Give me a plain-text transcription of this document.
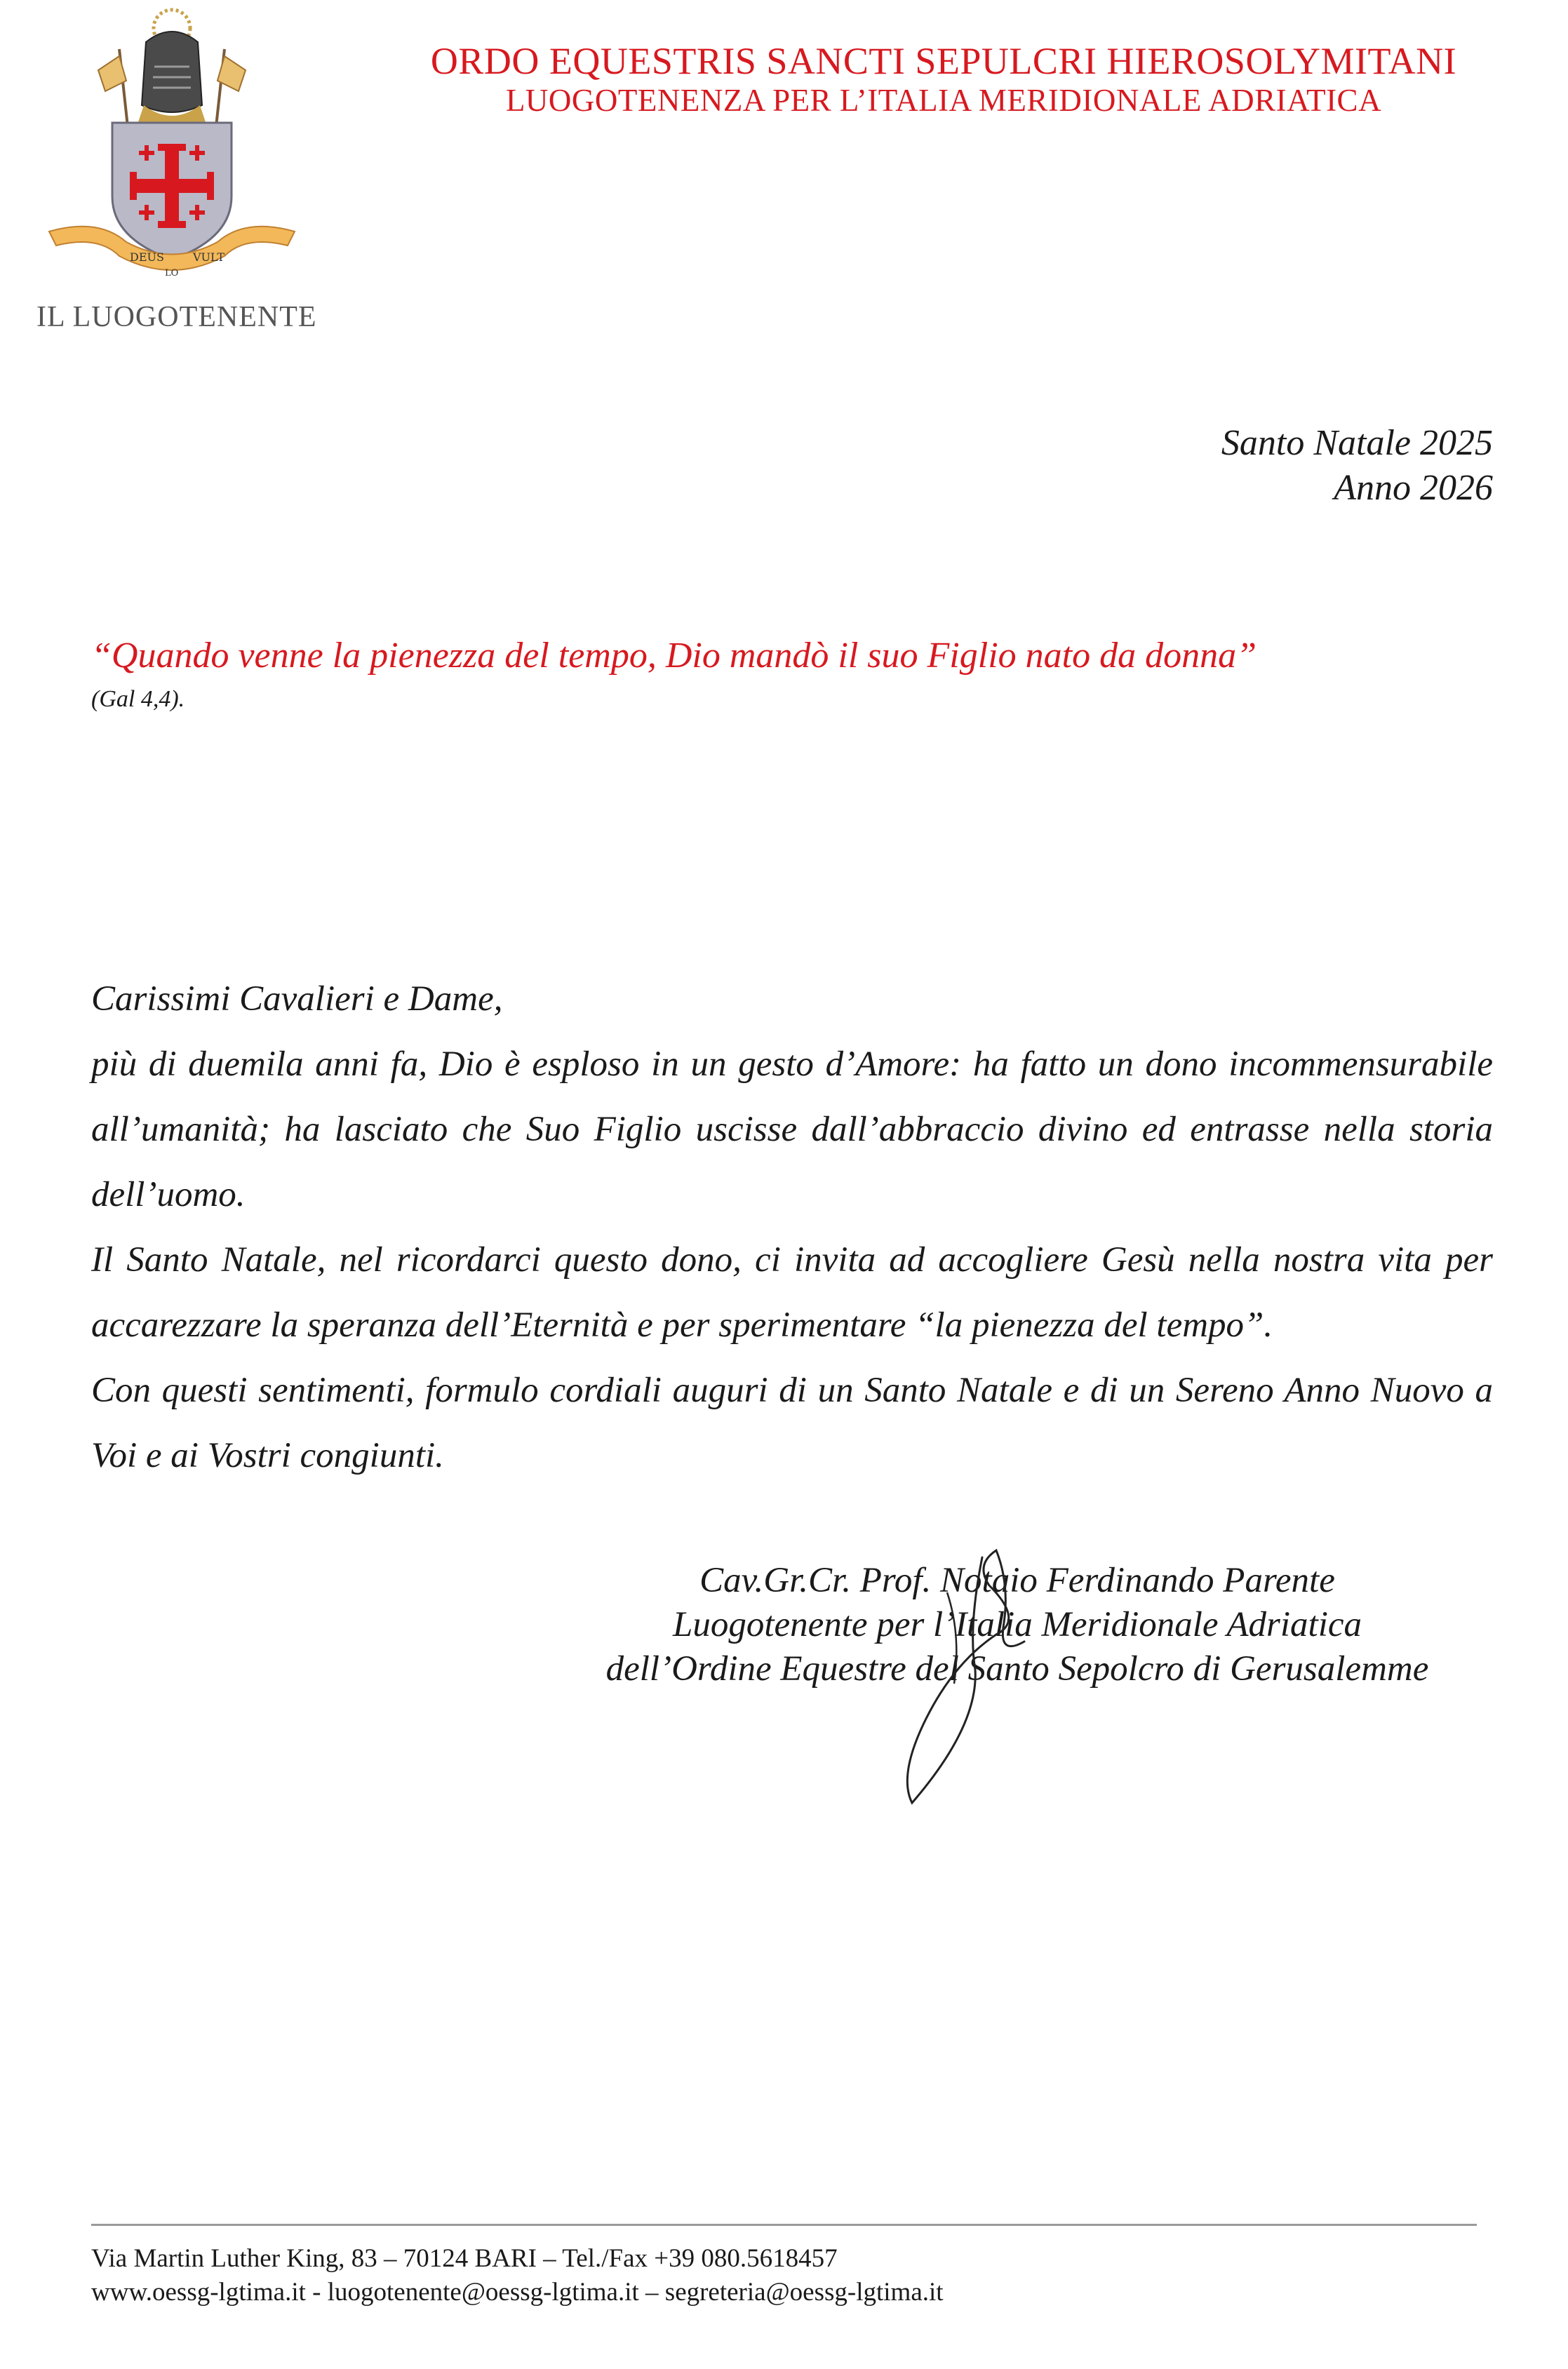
DEUS
LO
VULT
IL LUOGOTENENTE
ORDO EQUESTRIS SANCTI SEPULCRI HIEROSOLYMITANI
LUOGOTENENZA PER L’ITALIA MERIDIONALE ADRIATICA
Santo Natale 2025
Anno 2026
“Quando venne la pienezza del tempo, Dio mandò il suo Figlio nato da donna”
(Gal 4,4).

Carissimi Cavalieri e Dame,

più di duemila anni fa, Dio è esploso in un gesto d’Amore: ha fatto un dono incommensurabile all’umanità; ha lasciato che Suo Figlio uscisse dall’abbraccio divino ed entrasse nella storia dell’uomo.

Il Santo Natale, nel ricordarci questo dono, ci invita ad accogliere Gesù nella nostra vita per accarezzare la speranza dell’Eternità e per sperimentare “la pienezza del tempo”.

Con questi sentimenti, formulo cordiali auguri di un Santo Natale e di un Sereno Anno Nuovo a Voi e ai Vostri congiunti.

Cav.Gr.Cr. Prof. Notaio Ferdinando Parente
Luogotenente per l’Italia Meridionale Adriatica
dell’Ordine Equestre del Santo Sepolcro di Gerusalemme
Via Martin Luther King, 83 – 70124 BARI – Tel./Fax +39 080.5618457
www.oessg-lgtima.it - luogotenente@oessg-lgtima.it – segreteria@oessg-lgtima.it
